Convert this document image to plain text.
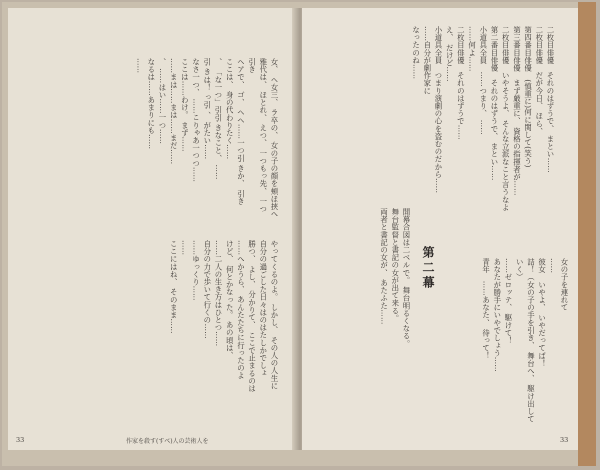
女、 ヘ女三、 ラ卒の、 女の子の顔を頬ほ挟へ
雅代は、 ほとれ、 えつ、 一つもっ先、 一つ引き
ヘアで、 ゴ、 ヘヘ……一つ引 きか、 引き
ここは、 身の代わりたく……
、 「な一つ」引引 きなこと、 ……
引 きは！ っ引 、 がたい……
なさ一つ、 ……こりゃあ一つつ……
ここは……わけ。 まず……
……まは……まは……まだ……
、 ……はい……一つ……
なるは……あまりにも……
……
やってくるのよ。 しかし、 その人の人生に
自分の過ごした日々はのはたしかでしょ
勝つ、 よし、 分かりて、 ここで止まるのは
……へかうら、 あんたたちに行ったのよ
けど、 何とかなった。 あの頃は、
……二人の生き方はひとつ……
自分の力で歩いて行くの……
……ゆっくり……
……
ここにはね、 そのまま……
33	作家を殺す(すべ)人の芸術人を
二枚目俳優　それのはずうで、 まとい……
二枚目俳優　だが今日、 ほら、
第四番目俳優　(慎重に)何に関して(笑う)
第三番目俳優　まず厳重に、 資格の指揮者が……
二枚目俳優　いやそうよ、 そんな立派なこと言うなよ
第二番目俳優　それのはずうで、 まとい……
小道具全員　……つまり、 ……
……何よ……
二枚目俳優　それのはずうで……
え、 だけど……
小道具全員　つまり演劇の心を盗むのだから……
……自分が劇作家に
なったのね……
第二幕
開幕合図は二ベルで。 舞台明るくなる。
舞台監督と書記の女が出て来る。
両者と書記の女が、 あたふた……	女の子を連れて
……
彼女　いやよ、 いやだってば！
詰！（女の子の手を引き、 舞台へ、 駆け出していく）
……ゼロッテ、 駆けて！
あなたが勝手にいやでしょう……
青年　……あなた、 待って！
33
